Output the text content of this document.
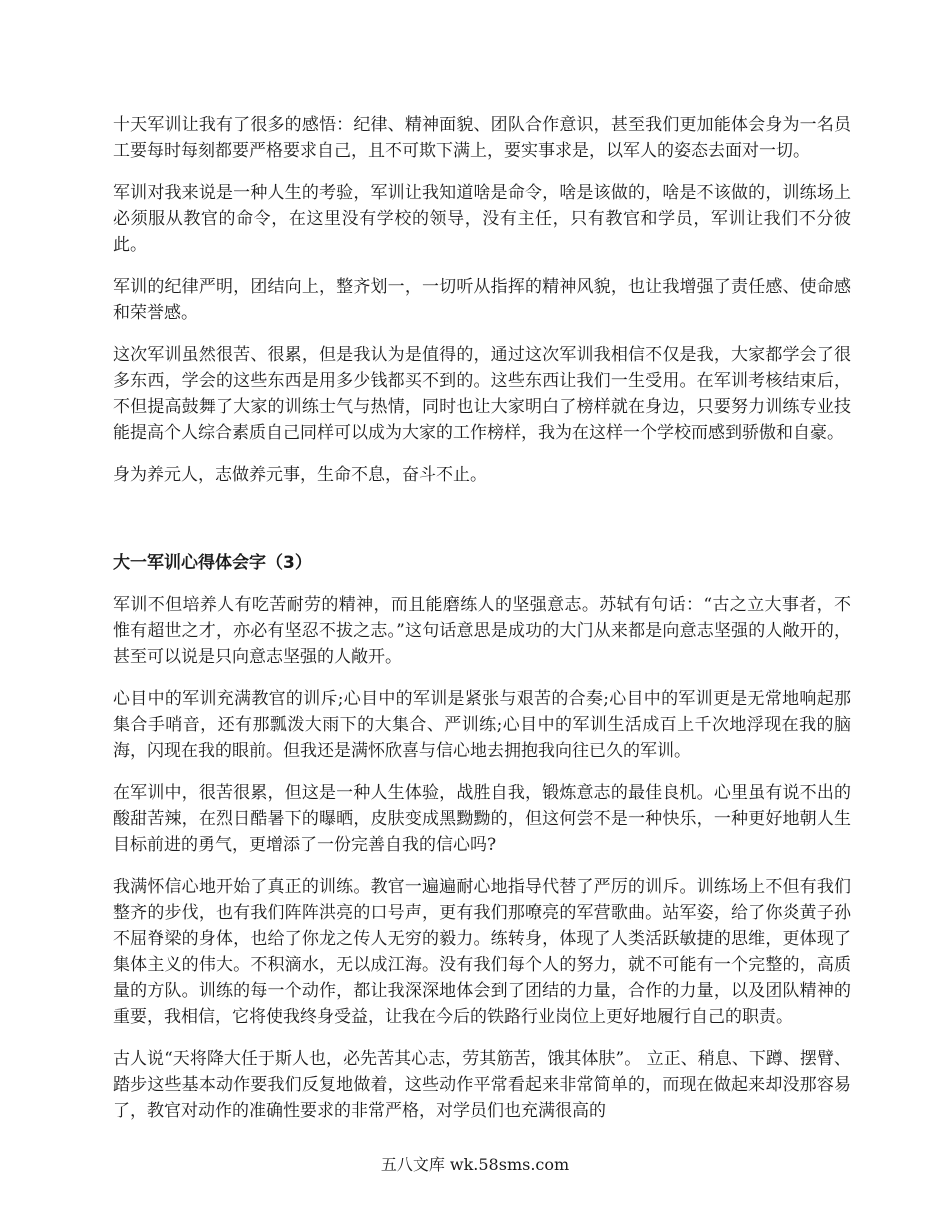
十天军训让我有了很多的感悟：纪律、精神面貌、团队合作意识，甚至我们更加能体会身为一名员工要每时每刻都要严格要求自己，且不可欺下满上，要实事求是，以军人的姿态去面对一切。

军训对我来说是一种人生的考验，军训让我知道啥是命令，啥是该做的，啥是不该做的，训练场上必须服从教官的命令，在这里没有学校的领导，没有主任，只有教官和学员，军训让我们不分彼此。

军训的纪律严明，团结向上，整齐划一，一切听从指挥的精神风貌，也让我增强了责任感、使命感和荣誉感。

这次军训虽然很苦、很累，但是我认为是值得的，通过这次军训我相信不仅是我，大家都学会了很多东西，学会的这些东西是用多少钱都买不到的。这些东西让我们一生受用。在军训考核结束后，不但提高鼓舞了大家的训练士气与热情，同时也让大家明白了榜样就在身边，只要努力训练专业技能提高个人综合素质自己同样可以成为大家的工作榜样，我为在这样一个学校而感到骄傲和自豪。

身为养元人，志做养元事，生命不息，奋斗不止。

大一军训心得体会字（3）

军训不但培养人有吃苦耐劳的精神，而且能磨练人的坚强意志。苏轼有句话：“古之立大事者，不惟有超世之才，亦必有坚忍不拔之志。”这句话意思是成功的大门从来都是向意志坚强的人敞开的，甚至可以说是只向意志坚强的人敞开。

心目中的军训充满教官的训斥;心目中的军训是紧张与艰苦的合奏;心目中的军训更是无常地响起那集合手哨音，还有那瓢泼大雨下的大集合、严训练;心目中的军训生活成百上千次地浮现在我的脑海，闪现在我的眼前。但我还是满怀欣喜与信心地去拥抱我向往已久的军训。

在军训中，很苦很累，但这是一种人生体验，战胜自我，锻炼意志的最佳良机。心里虽有说不出的酸甜苦辣，在烈日酷暑下的曝晒，皮肤变成黑黝黝的，但这何尝不是一种快乐，一种更好地朝人生目标前进的勇气，更增添了一份完善自我的信心吗?

我满怀信心地开始了真正的训练。教官一遍遍耐心地指导代替了严厉的训斥。训练场上不但有我们整齐的步伐，也有我们阵阵洪亮的口号声，更有我们那嘹亮的军营歌曲。站军姿，给了你炎黄子孙不屈脊梁的身体，也给了你龙之传人无穷的毅力。练转身，体现了人类活跃敏捷的思维，更体现了集体主义的伟大。不积滴水，无以成江海。没有我们每个人的努力，就不可能有一个完整的，高质量的方队。训练的每一个动作，都让我深深地体会到了团结的力量，合作的力量，以及团队精神的重要，我相信，它将使我终身受益，让我在今后的铁路行业岗位上更好地履行自己的职责。

古人说“天将降大任于斯人也，必先苦其心志，劳其筋苦，饿其体肤”。 立正、稍息、下蹲、摆臂、踏步这些基本动作要我们反复地做着，这些动作平常看起来非常简单的，而现在做起来却没那容易了，教官对动作的准确性要求的非常严格，对学员们也充满很高的

五八文库 wk.58sms.com
